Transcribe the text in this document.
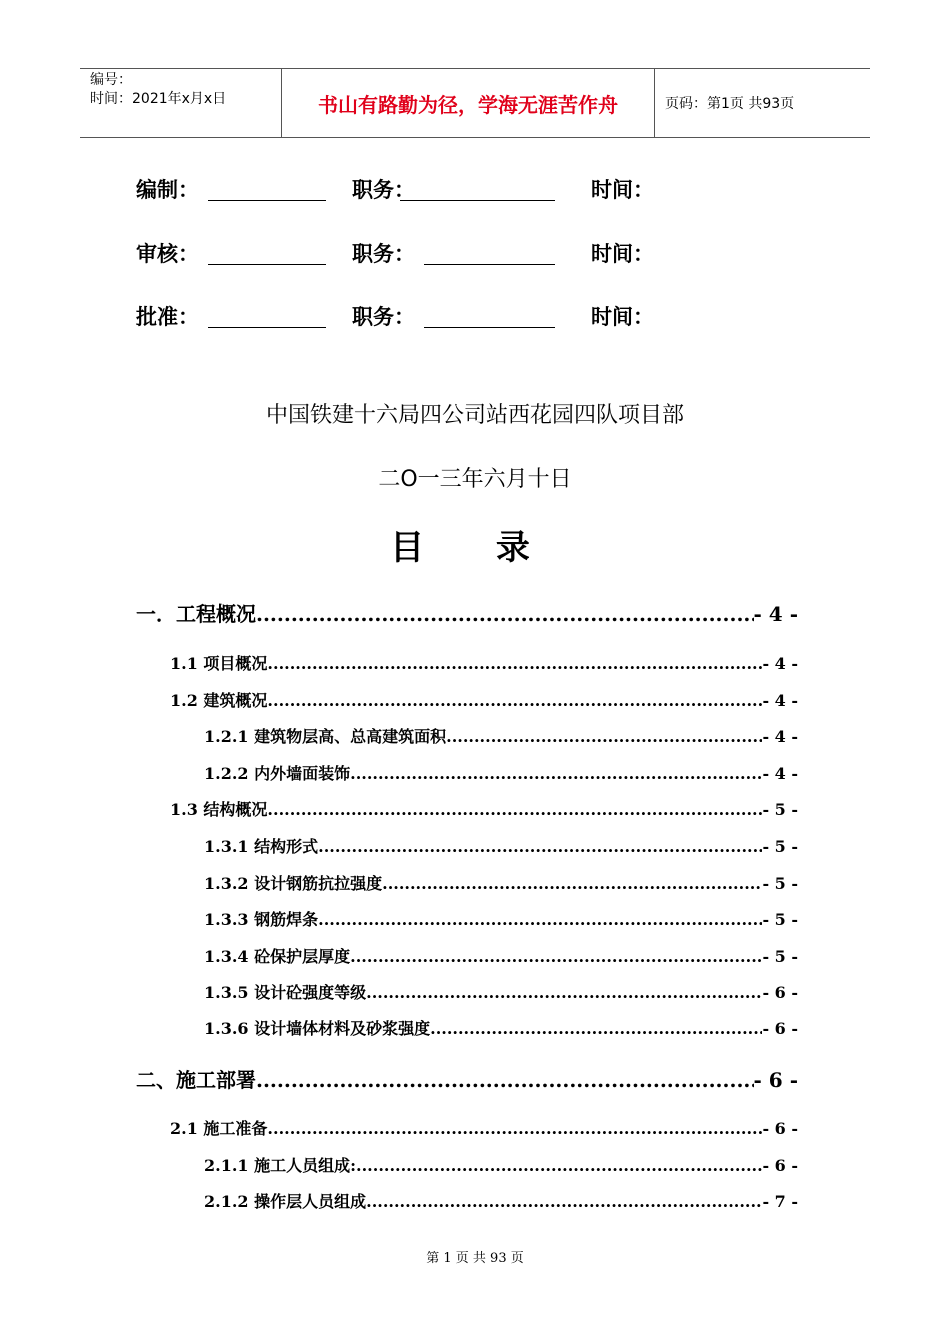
编号：
时间：2021年x月x日	书山有路勤为径，学海无涯苦作舟	页码：第1页 共93页
编制：	职务：	时间：
审核：	职务：	时间：
批准：	职务：	时间：
中国铁建十六局四公司站西花园四队项目部
二O一三年六月十日
目 录
一．工程概况 .....	- 4 -
1.1 项目概况 .....	- 4 -
1.2 建筑概况 .....	- 4 -
1.2.1 建筑物层高、总高建筑面积 .....	- 4 -
1.2.2 内外墙面装饰 .....	- 4 -
1.3 结构概况 .....	- 5 -
1.3.1 结构形式 .....	- 5 -
1.3.2 设计钢筋抗拉强度 .....	- 5 -
1.3.3 钢筋焊条 .....	- 5 -
1.3.4 砼保护层厚度 .....	- 5 -
1.3.5 设计砼强度等级 .....	- 6 -
1.3.6 设计墙体材料及砂浆强度 .....	- 6 -
二、施工部署 .....	- 6 -
2.1 施工准备 .....	- 6 -
2.1.1 施工人员组成: .....	- 6 -
2.1.2 操作层人员组成 .....	- 7 -
第 1 页 共 93 页
